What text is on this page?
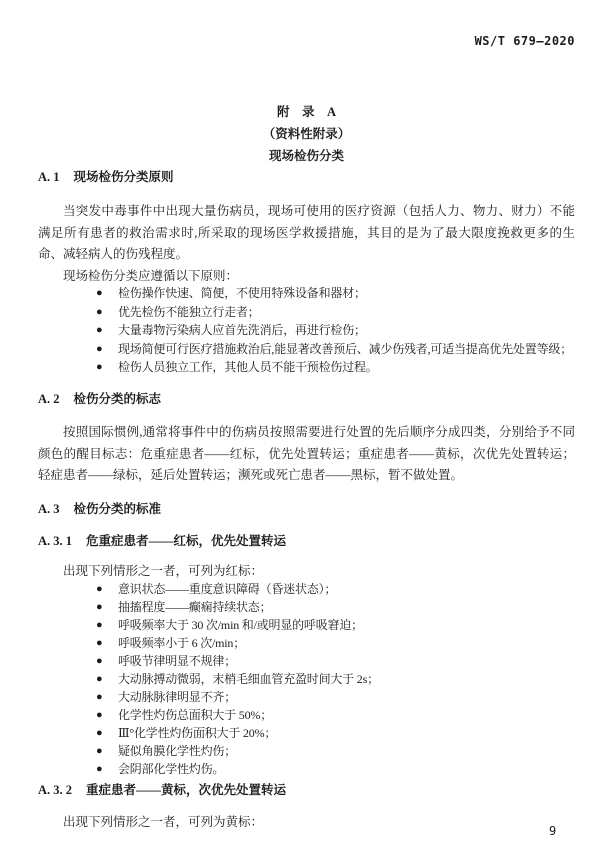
WS/T 679—2020
附　录　A
（资料性附录）
现场检伤分类
A. 1 现场检伤分类原则

当突发中毒事件中出现大量伤病员，现场可使用的医疗资源（包括人力、物力、财力）不能满足所有患者的救治需求时,所采取的现场医学救援措施，其目的是为了最大限度挽救更多的生命、减轻病人的伤残程度。

现场检伤分类应遵循以下原则：

● 检伤操作快速、简便，不使用特殊设备和器材；
● 优先检伤不能独立行走者；
● 大量毒物污染病人应首先洗消后，再进行检伤；
● 现场简便可行医疗措施救治后,能显著改善预后、减少伤残者,可适当提高优先处置等级；
● 检伤人员独立工作，其他人员不能干预检伤过程。
A. 2 检伤分类的标志

按照国际惯例,通常将事件中的伤病员按照需要进行处置的先后顺序分成四类，分别给予不同颜色的醒目标志：危重症患者——红标，优先处置转运；重症患者——黄标，次优先处置转运；轻症患者——绿标，延后处置转运；濒死或死亡患者——黑标，暂不做处置。

A. 3 检伤分类的标准
A. 3. 1 危重症患者——红标，优先处置转运

出现下列情形之一者，可列为红标：

● 意识状态——重度意识障碍（昏迷状态）；
● 抽搐程度——癫痫持续状态；
● 呼吸频率大于 30 次/min 和/或明显的呼吸窘迫；
● 呼吸频率小于 6 次/min；
● 呼吸节律明显不规律；
● 大动脉搏动微弱，末梢毛细血管充盈时间大于 2s；
● 大动脉脉律明显不齐；
● 化学性灼伤总面积大于 50%；
● Ⅲ°化学性灼伤面积大于 20%；
● 疑似角膜化学性灼伤；
● 会阴部化学性灼伤。
A. 3. 2 重症患者——黄标，次优先处置转运

出现下列情形之一者，可列为黄标：

9
